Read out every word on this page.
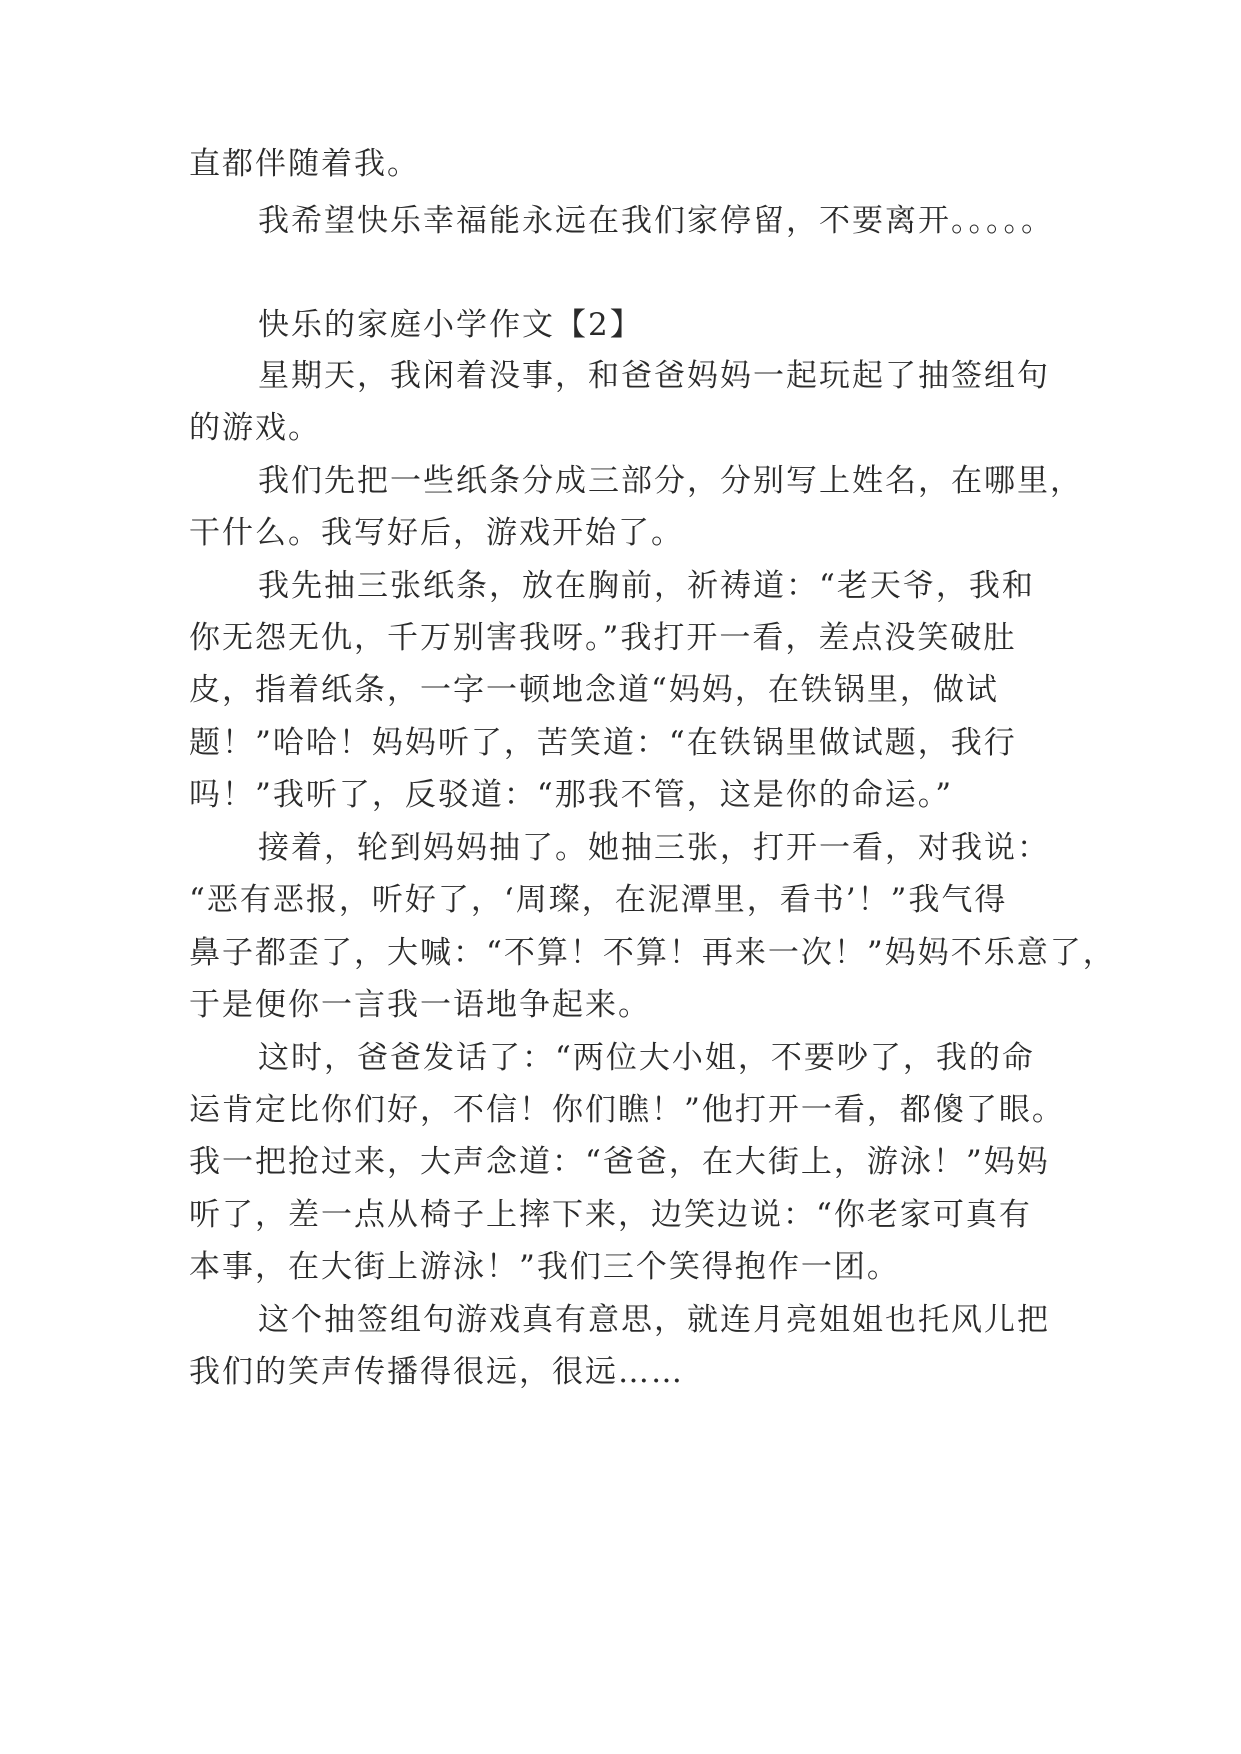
直都伴随着我。
我希望快乐幸福能永远在我们家停留，不要离开。。。。。
快乐的家庭小学作文【2】
星期天，我闲着没事，和爸爸妈妈一起玩起了抽签组句
的游戏。
我们先把一些纸条分成三部分，分别写上姓名，在哪里，
干什么。我写好后，游戏开始了。
我先抽三张纸条，放在胸前，祈祷道：“老天爷，我和
你无怨无仇，千万别害我呀。”我打开一看，差点没笑破肚
皮，指着纸条，一字一顿地念道“妈妈，在铁锅里，做试
题！”哈哈！妈妈听了，苦笑道：“在铁锅里做试题，我行
吗！”我听了，反驳道：“那我不管，这是你的命运。”
接着，轮到妈妈抽了。她抽三张，打开一看，对我说：
“恶有恶报，听好了，‘周璨，在泥潭里，看书’！”我气得
鼻子都歪了，大喊：“不算！不算！再来一次！”妈妈不乐意了，
于是便你一言我一语地争起来。
这时，爸爸发话了：“两位大小姐，不要吵了，我的命
运肯定比你们好，不信！你们瞧！”他打开一看，都傻了眼。
我一把抢过来，大声念道：“爸爸，在大街上，游泳！”妈妈
听了，差一点从椅子上摔下来，边笑边说：“你老家可真有
本事，在大街上游泳！”我们三个笑得抱作一团。
这个抽签组句游戏真有意思，就连月亮姐姐也托风儿把
我们的笑声传播得很远，很远……
